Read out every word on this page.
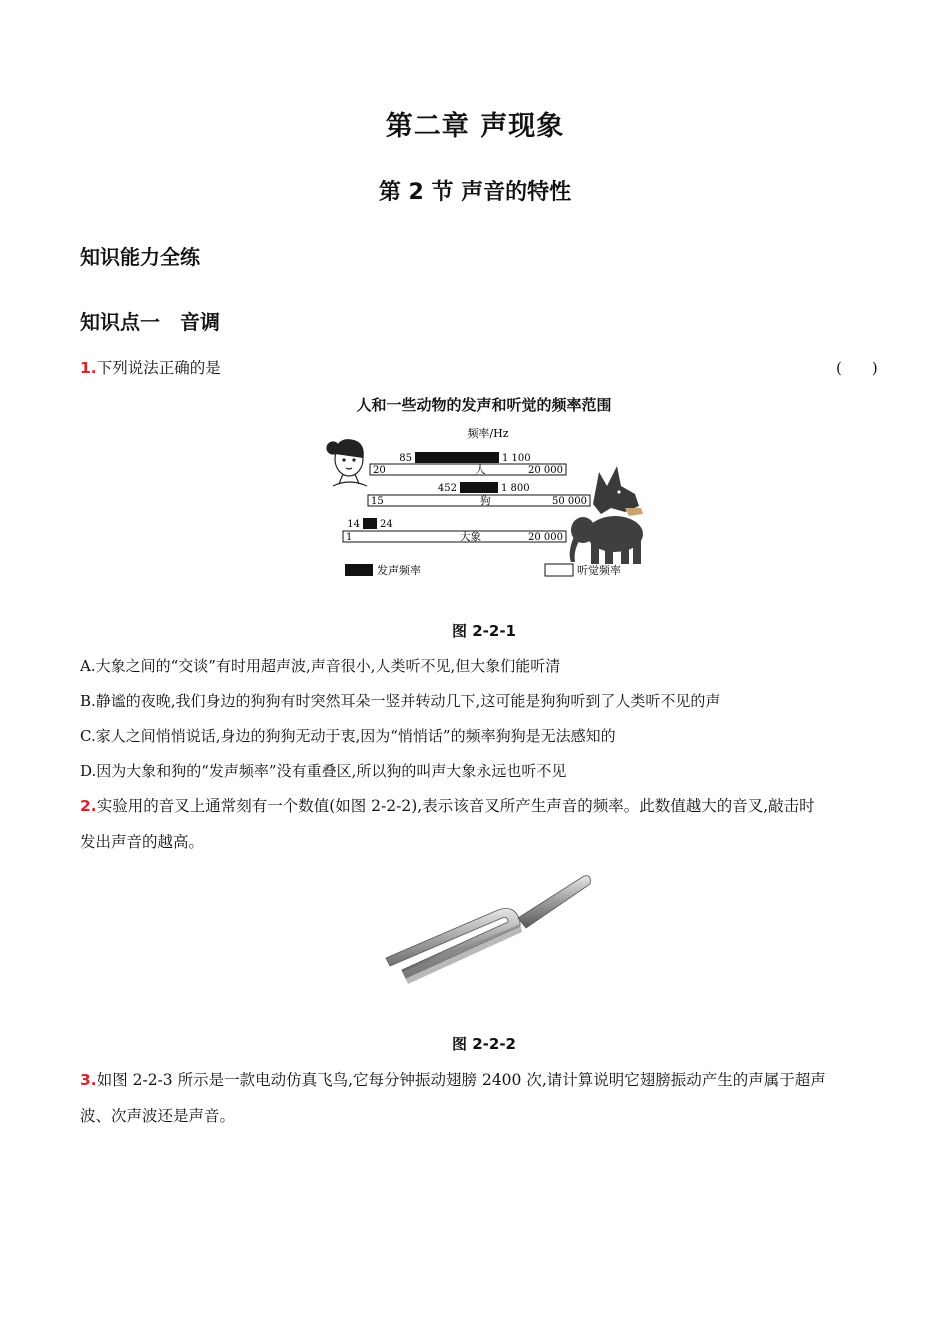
第二章 声现象
第 2 节 声音的特性
知识能力全练
知识点一　音调
1.下列说法正确的是	(　　)
人和一些动物的发声和听觉的频率范围
频率/Hz
20	20 000
人
85	1 100
15	50 000
狗
452	1 800
1	20 000
大象
14 24
发声频率	听觉频率
图 2-2-1
A.大象之间的“交谈”有时用超声波,声音很小,人类听不见,但大象们能听清
B.静谧的夜晚,我们身边的狗狗有时突然耳朵一竖并转动几下,这可能是狗狗听到了人类听不见的声
C.家人之间悄悄说话,身边的狗狗无动于衷,因为“悄悄话”的频率狗狗是无法感知的
D.因为大象和狗的“发声频率”没有重叠区,所以狗的叫声大象永远也听不见
2.实验用的音叉上通常刻有一个数值(如图 2-2-2),表示该音叉所产生声音的频率。此数值越大的音叉,敲击时
发出声音的越高。
图 2-2-2
3.如图 2-2-3 所示是一款电动仿真飞鸟,它每分钟振动翅膀 2400 次,请计算说明它翅膀振动产生的声属于超声
波、次声波还是声音。
